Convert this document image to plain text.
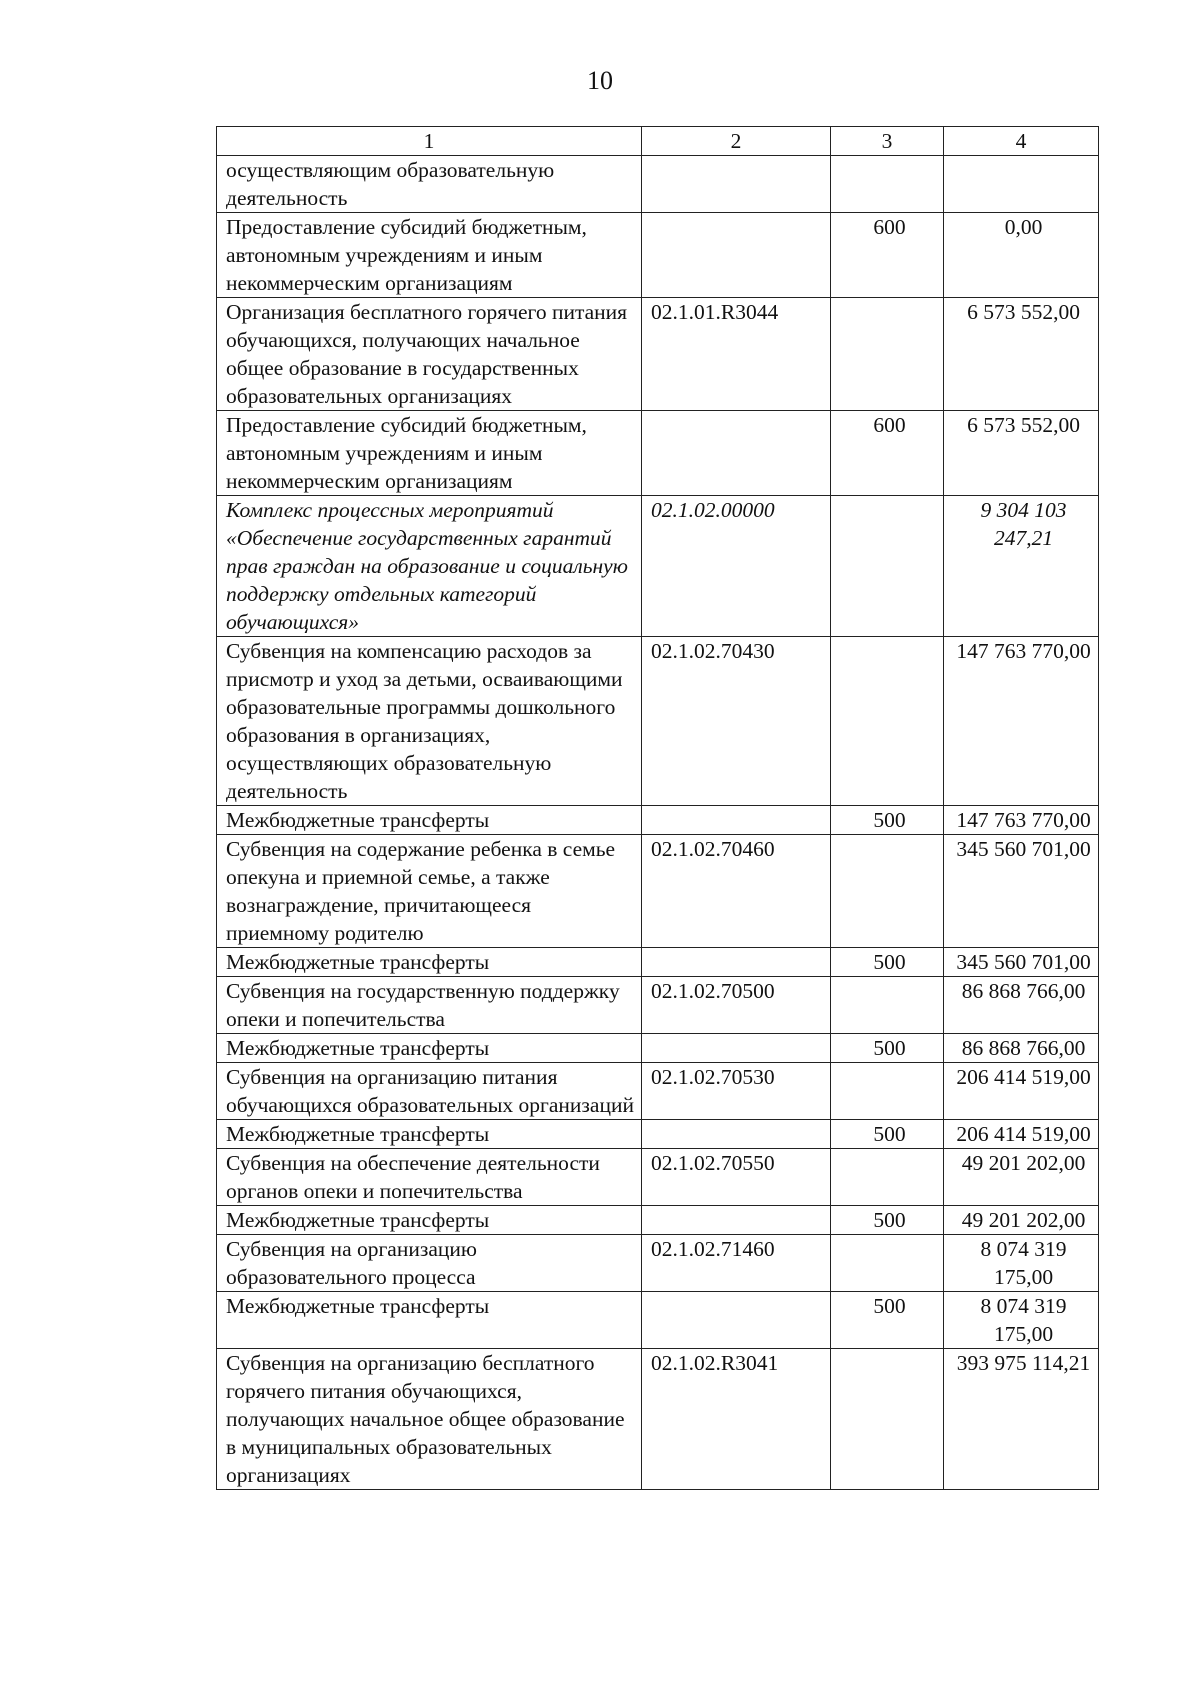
10
1	2	3	4
осуществляющим образовательную деятельность			
Предоставление субсидий бюджетным, автономным учреждениям и иным некоммерческим организациям		600	0,00
Организация бесплатного горячего питания обучающихся, получающих начальное общее образование в государственных образовательных организациях	02.1.01.R3044		6 573 552,00
Предоставление субсидий бюджетным, автономным учреждениям и иным некоммерческим организациям		600	6 573 552,00
Комплекс процессных мероприятий «Обеспечение государственных гарантий прав граждан на образование и социальную поддержку отдельных категорий обучающихся»	02.1.02.00000		9 304 103 247,21
Субвенция на компенсацию расходов за присмотр и уход за детьми, осваивающими образовательные программы дошкольного образования в организациях, осуществляющих образовательную деятельность	02.1.02.70430		147 763 770,00
Межбюджетные трансферты		500	147 763 770,00
Субвенция на содержание ребенка в семье опекуна и приемной семье, а также вознаграждение, причитающееся приемному родителю	02.1.02.70460		345 560 701,00
Межбюджетные трансферты		500	345 560 701,00
Субвенция на государственную поддержку опеки и попечительства	02.1.02.70500		86 868 766,00
Межбюджетные трансферты		500	86 868 766,00
Субвенция на организацию питания обучающихся образовательных организаций	02.1.02.70530		206 414 519,00
Межбюджетные трансферты		500	206 414 519,00
Субвенция на обеспечение деятельности органов опеки и попечительства	02.1.02.70550		49 201 202,00
Межбюджетные трансферты		500	49 201 202,00
Субвенция на организацию образовательного процесса	02.1.02.71460		8 074 319 175,00
Межбюджетные трансферты		500	8 074 319 175,00
Субвенция на организацию бесплатного горячего питания обучающихся, получающих начальное общее образование в муниципальных образовательных организациях	02.1.02.R3041		393 975 114,21
